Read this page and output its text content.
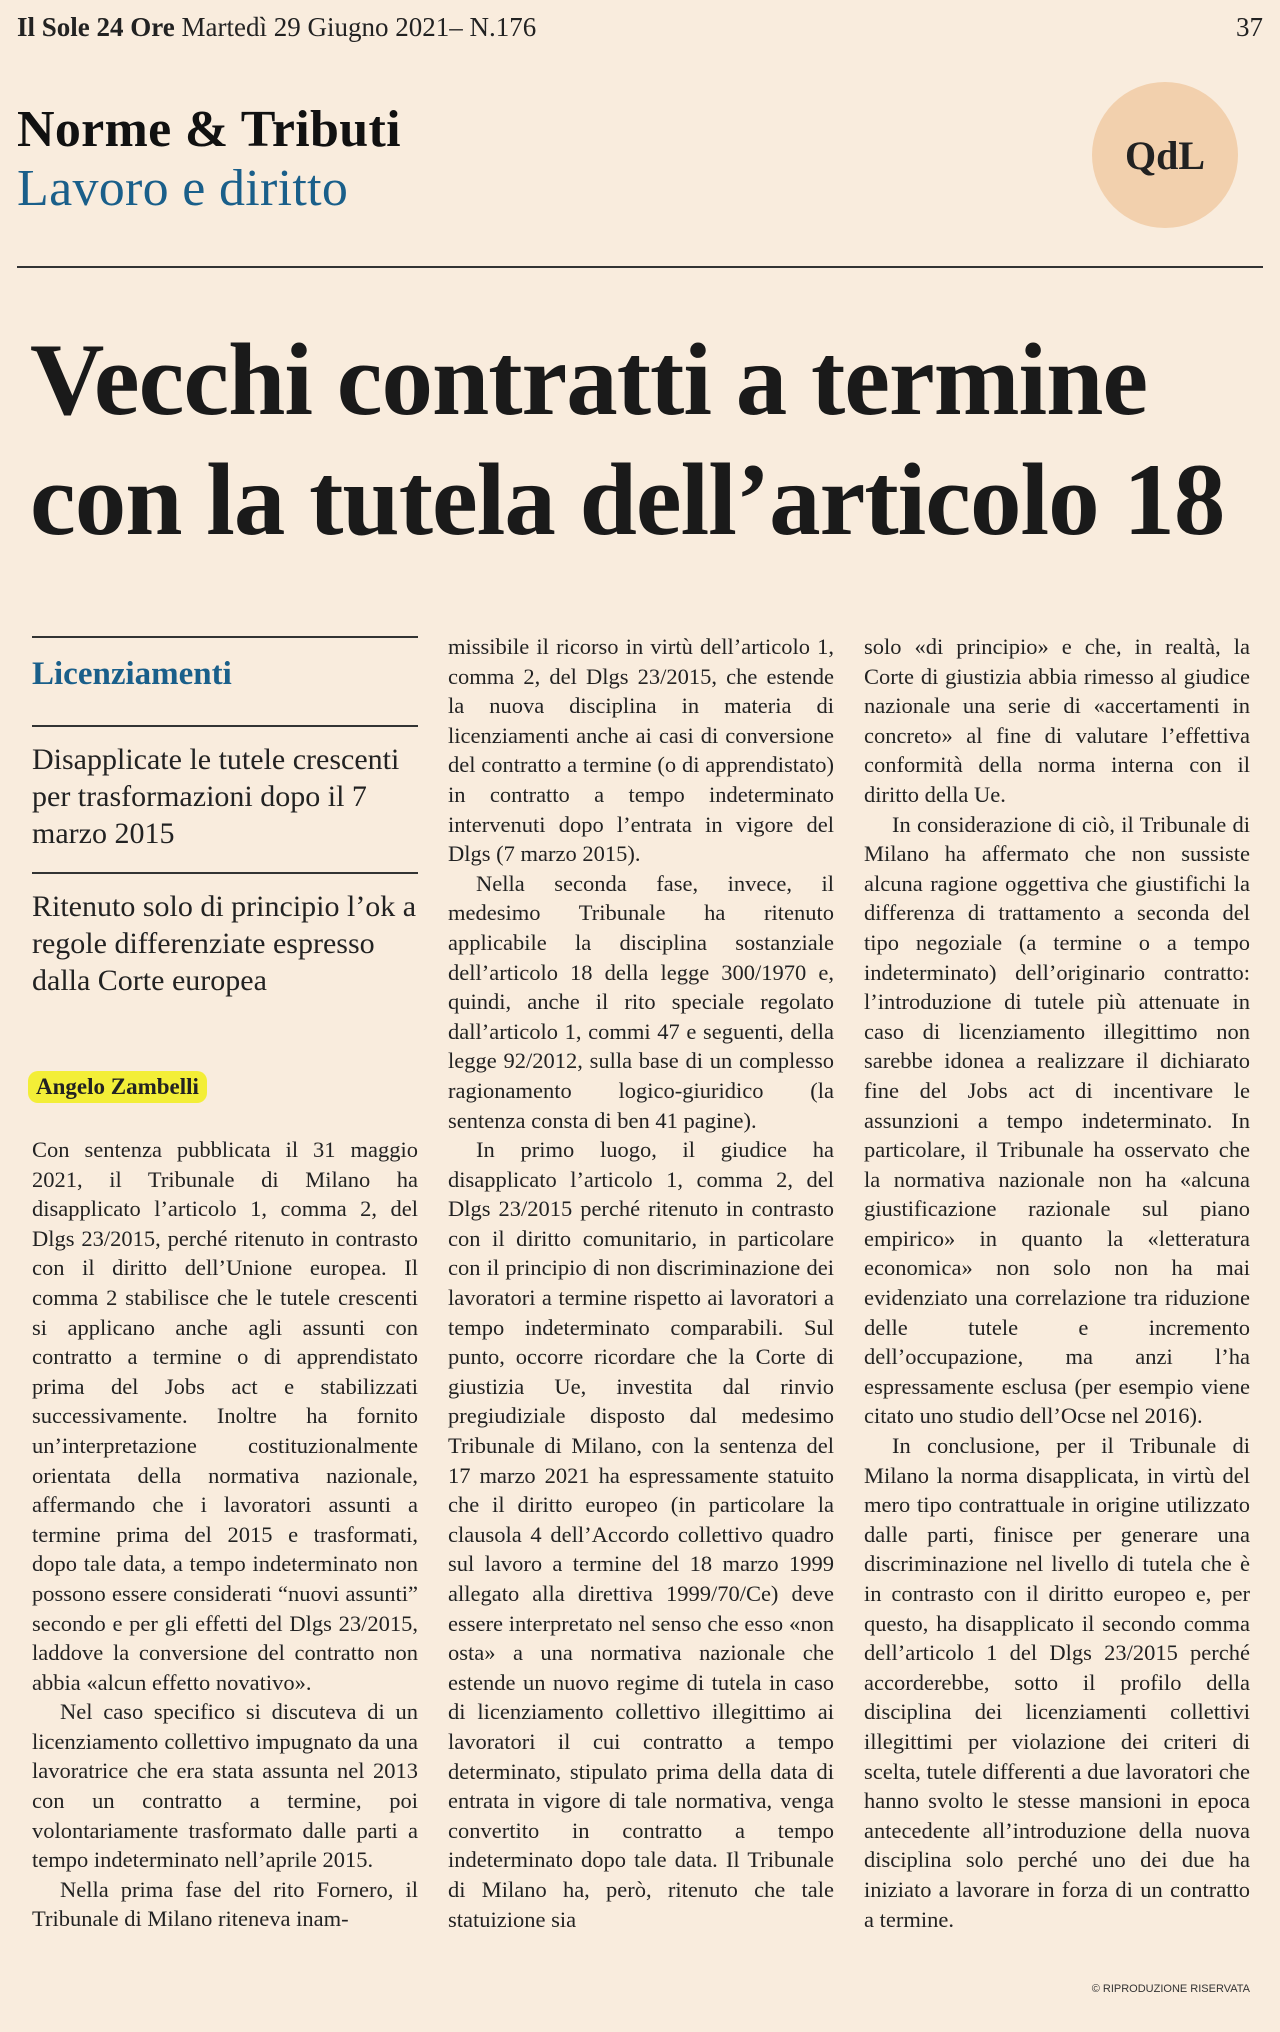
Il Sole 24 Ore Martedì 29 Giugno 2021– N.176	37
Norme & Tributi
Lavoro e diritto
QdL
Vecchi contratti a termine
con la tutela dell’articolo 18
Licenziamenti
Disapplicate le tutele crescenti per trasformazioni dopo il 7 marzo 2015
Ritenuto solo di principio l’ok a regole differenziate espresso dalla Corte europea
Angelo Zambelli

Con sentenza pubblicata il 31 maggio 2021, il Tribunale di Milano ha disapplicato l’articolo 1, comma 2, del Dlgs 23/2015, perché ritenuto in contrasto con il diritto dell’Unione europea. Il comma 2 stabilisce che le tutele crescenti si applicano anche agli assunti con contratto a termine o di apprendistato prima del Jobs act e stabilizzati successivamente. Inoltre ha fornito un’interpretazione costituzionalmente orientata della normativa nazionale, affermando che i lavoratori assunti a termine prima del 2015 e trasformati, dopo tale data, a tempo indeterminato non possono essere considerati “nuovi assunti” secondo e per gli effetti del Dlgs 23/2015, laddove la conversione del contratto non abbia «alcun effetto novativo».

Nel caso specifico si discuteva di un licenziamento collettivo impugnato da una lavoratrice che era stata assunta nel 2013 con un contratto a termine, poi volontariamente trasformato dalle parti a tempo indeterminato nell’aprile 2015.

Nella prima fase del rito Fornero, il Tribunale di Milano riteneva inam-

missibile il ricorso in virtù dell’articolo 1, comma 2, del Dlgs 23/2015, che estende la nuova disciplina in materia di licenziamenti anche ai casi di conversione del contratto a termine (o di apprendistato) in contratto a tempo indeterminato intervenuti dopo l’entrata in vigore del Dlgs (7 marzo 2015).

Nella seconda fase, invece, il medesimo Tribunale ha ritenuto applicabile la disciplina sostanziale dell’articolo 18 della legge 300/1970 e, quindi, anche il rito speciale regolato dall’articolo 1, commi 47 e seguenti, della legge 92/2012, sulla base di un complesso ragionamento logico-giuridico (la sentenza consta di ben 41 pagine).

In primo luogo, il giudice ha disapplicato l’articolo 1, comma 2, del Dlgs 23/2015 perché ritenuto in contrasto con il diritto comunitario, in particolare con il principio di non discriminazione dei lavoratori a termine rispetto ai lavoratori a tempo indeterminato comparabili. Sul punto, occorre ricordare che la Corte di giustizia Ue, investita dal rinvio pregiudiziale disposto dal medesimo Tribunale di Milano, con la sentenza del 17 marzo 2021 ha espressamente statuito che il diritto europeo (in particolare la clausola 4 dell’Accordo collettivo quadro sul lavoro a termine del 18 marzo 1999 allegato alla direttiva 1999/70/Ce) deve essere interpretato nel senso che esso «non osta» a una normativa nazionale che estende un nuovo regime di tutela in caso di licenziamento collettivo illegittimo ai lavoratori il cui contratto a tempo determinato, stipulato prima della data di entrata in vigore di tale normativa, venga convertito in contratto a tempo indeterminato dopo tale data. Il Tribunale di Milano ha, però, ritenuto che tale statuizione sia

solo «di principio» e che, in realtà, la Corte di giustizia abbia rimesso al giudice nazionale una serie di «accertamenti in concreto» al fine di valutare l’effettiva conformità della norma interna con il diritto della Ue.

In considerazione di ciò, il Tribunale di Milano ha affermato che non sussiste alcuna ragione oggettiva che giustifichi la differenza di trattamento a seconda del tipo negoziale (a termine o a tempo indeterminato) dell’originario contratto: l’introduzione di tutele più attenuate in caso di licenziamento illegittimo non sarebbe idonea a realizzare il dichiarato fine del Jobs act di incentivare le assunzioni a tempo indeterminato. In particolare, il Tribunale ha osservato che la normativa nazionale non ha «alcuna giustificazione razionale sul piano empirico» in quanto la «letteratura economica» non solo non ha mai evidenziato una correlazione tra riduzione delle tutele e incremento dell’occupazione, ma anzi l’ha espressamente esclusa (per esempio viene citato uno studio dell’Ocse nel 2016).

In conclusione, per il Tribunale di Milano la norma disapplicata, in virtù del mero tipo contrattuale in origine utilizzato dalle parti, finisce per generare una discriminazione nel livello di tutela che è in contrasto con il diritto europeo e, per questo, ha disapplicato il secondo comma dell’articolo 1 del Dlgs 23/2015 perché accorderebbe, sotto il profilo della disciplina dei licenziamenti collettivi illegittimi per violazione dei criteri di scelta, tutele differenti a due lavoratori che hanno svolto le stesse mansioni in epoca antecedente all’introduzione della nuova disciplina solo perché uno dei due ha iniziato a lavorare in forza di un contratto a termine.

© RIPRODUZIONE RISERVATA
